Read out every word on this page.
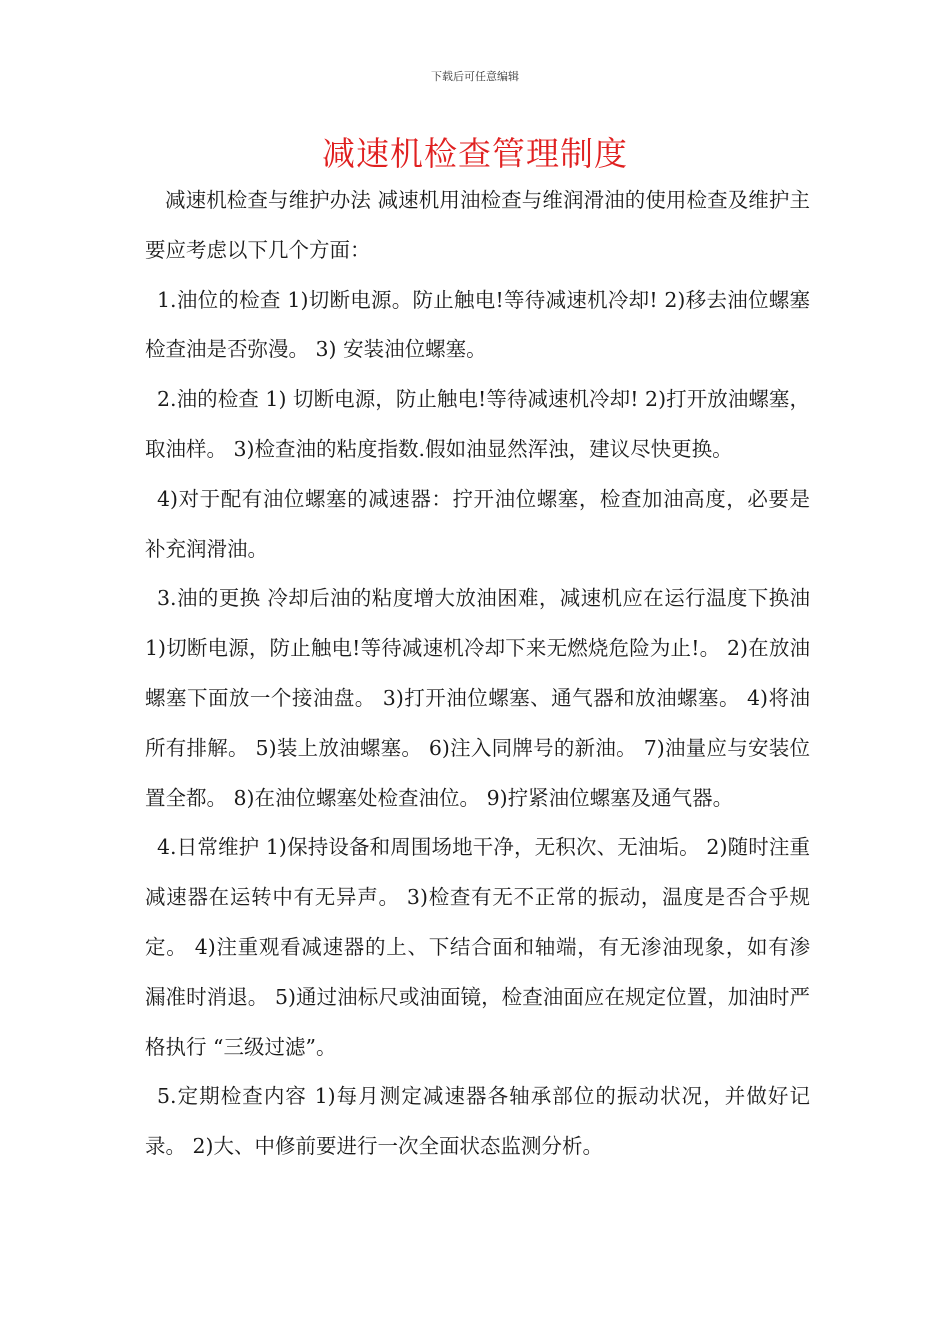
下载后可任意编辑
减速机检查管理制度

减速机检查与维护办法 减速机用油检查与维润滑油的使用检查及维护主要应考虑以下几个方面：

1.油位的检查 1)切断电源。防止触电!等待减速机冷却! 2)移去油位螺塞检查油是否弥漫。 3) 安装油位螺塞。

2.油的检查 1) 切断电源，防止触电!等待减速机冷却! 2)打开放油螺塞，取油样。 3)检查油的粘度指数.假如油显然浑浊，建议尽快更换。

4)对于配有油位螺塞的减速器：拧开油位螺塞，检查加油高度，必要是补充润滑油。

3.油的更换 冷却后油的粘度增大放油困难，减速机应在运行温度下换油 1)切断电源，防止触电!等待减速机冷却下来无燃烧危险为止!。 2)在放油螺塞下面放一个接油盘。 3)打开油位螺塞、通气器和放油螺塞。 4)将油所有排解。 5)装上放油螺塞。 6)注入同牌号的新油。 7)油量应与安装位置全都。 8)在油位螺塞处检查油位。 9)拧紧油位螺塞及通气器。

4.日常维护 1)保持设备和周围场地干净，无积次、无油垢。 2)随时注重减速器在运转中有无异声。 3)检查有无不正常的振动，温度是否合乎规定。 4)注重观看减速器的上、下结合面和轴端，有无渗油现象，如有渗 漏准时消退。 5)通过油标尺或油面镜，检查油面应在规定位置，加油时严格执行 “三级过滤”。

5.定期检查内容 1)每月测定减速器各轴承部位的振动状况，并做好记录。 2)大、中修前要进行一次全面状态监测分析。
